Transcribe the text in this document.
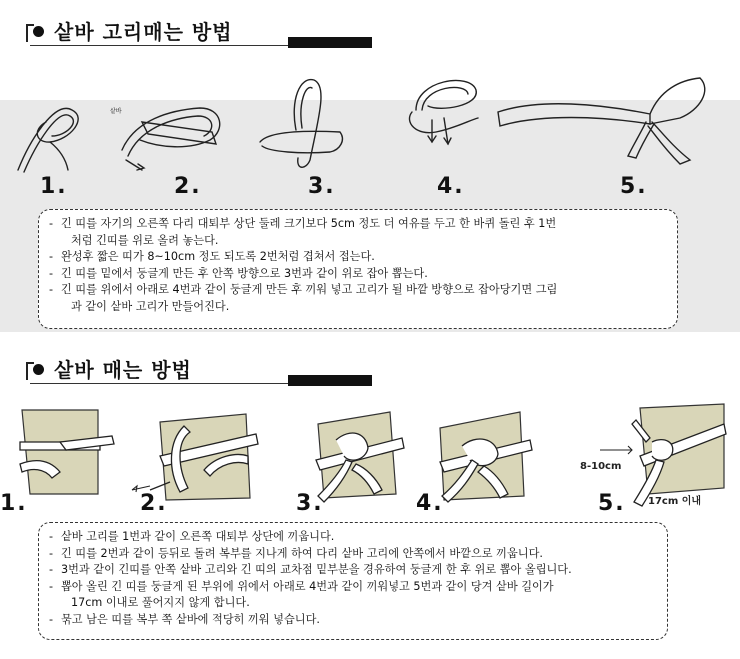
샅바 고리매는 방법
샅바
1.	2.	3.	4.	5.
- 긴 띠를 자기의 오른쪽 다리 대퇴부 상단 둘레 크기보다 5cm 정도 더 여유를 두고 한 바퀴 돌린 후 1번
처럼 긴띠를 위로 올려 놓는다.
- 완성후 짧은 띠가 8~10cm 정도 되도록 2번처럼 겹쳐서 접는다.
- 긴 띠를 밑에서 둥글게 만든 후 안쪽 방향으로 3번과 같이 위로 잡아 뽑는다.
- 긴 띠를 위에서 아래로 4번과 같이 둥글게 만든 후 끼워 넣고 고리가 될 바깥 방향으로 잡아당기면 그림
과 같이 샅바 고리가 만들어진다.
샅바 매는 방법
8-10cm
17cm 이내
1.	2.	3.	4.	5.
- 샅바 고리를 1번과 같이 오른쪽 대퇴부 상단에 끼웁니다.
- 긴 띠를 2번과 같이 등뒤로 돌려 복부를 지나게 하여 다리 샅바 고리에 안쪽에서 바깥으로 끼웁니다.
- 3번과 같이 긴띠를 안쪽 샅바 고리와 긴 띠의 교차점 밑부분을 경유하여 둥글게 한 후 위로 뽑아 올립니다.
- 뽑아 올린 긴 띠를 둥글게 된 부위에 위에서 아래로 4번과 같이 끼워넣고 5번과 같이 당겨 샅바 길이가
17cm 이내로 풀어지지 않게 합니다.
- 묶고 남은 띠를 복부 쪽 샅바에 적당히 끼워 넣습니다.
